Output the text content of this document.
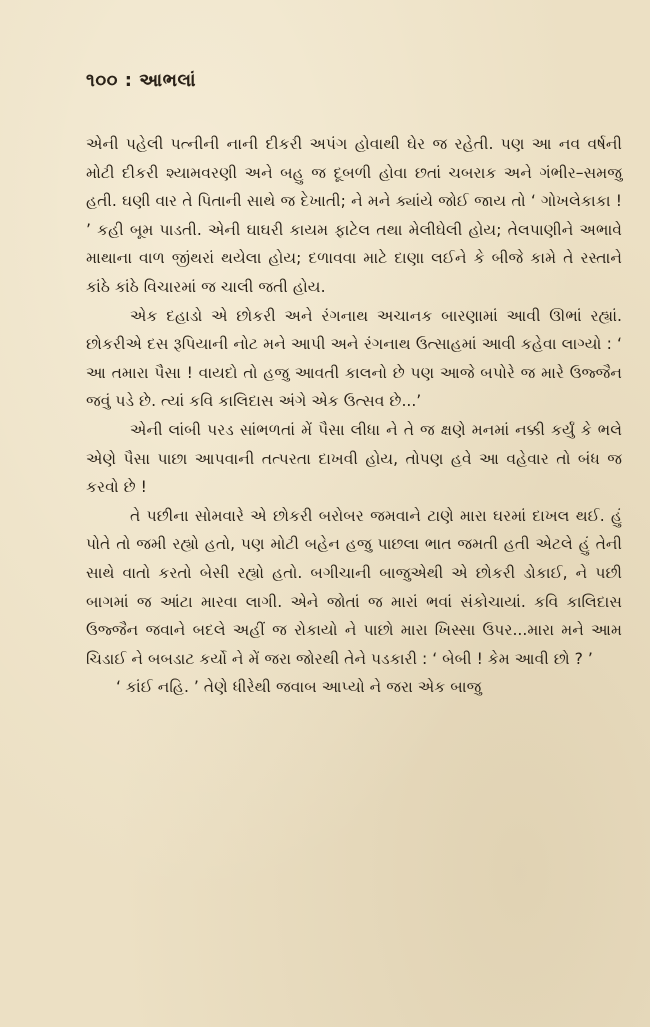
૧૦૦ : આભલાં

એની પહેલી પત્નીની નાની દીકરી અપંગ હોવાથી ઘેર જ રહેતી. પણ આ નવ વર્ષની મોટી દીકરી શ્યામવરણી અને બહુ જ દૂબળી હોવા છતાં ચબરાક અને ગંભીર–સમજુ હતી. ઘણી વાર તે પિતાની સાથે જ દેખાતી; ને મને ક્યાંયે જોઈ જાય તો ‘ ગોખલેકાકા ! ’ કહી બૂમ પાડતી. એની ઘાઘરી કાયમ ફાટેલ તથા મેલીઘેલી હોય; તેલપાણીને અભાવે માથાના વાળ જીંથરાં થયેલા હોય; દળાવવા માટે દાણા લઈને કે બીજે કામે તે રસ્તાને કાંઠે કાંઠે વિચારમાં જ ચાલી જતી હોય.

એક દહાડો એ છોકરી અને રંગનાથ અચાનક બારણામાં આવી ઊભાં રહ્યાં. છોકરીએ દસ રૂપિયાની નોટ મને આપી અને રંગનાથ ઉત્સાહમાં આવી કહેવા લાગ્યો : ‘ આ તમારા પૈસા ! વાયદો તો હજુ આવતી કાલનો છે પણ આજે બપોરે જ મારે ઉજ્જૈન જવું પડે છે. ત્યાં કવિ કાલિદાસ અંગે એક ઉત્સવ છે...’

એની લાંબી પરડ સાંભળતાં મેં પૈસા લીધા ને તે જ ક્ષણે મનમાં નક્કી કર્યું કે ભલે એણે પૈસા પાછા આપવાની તત્પરતા દાખવી હોય, તોપણ હવે આ વહેવાર તો બંધ જ કરવો છે !

તે પછીના સોમવારે એ છોકરી બરોબર જમવાને ટાણે મારા ઘરમાં દાખલ થઈ. હું પોતે તો જમી રહ્યો હતો, પણ મોટી બહેન હજુ પાછલા ભાત જમતી હતી એટલે હું તેની સાથે વાતો કરતો બેસી રહ્યો હતો. બગીચાની બાજુએથી એ છોકરી ડોકાઈ, ને પછી બાગમાં જ આંટા મારવા લાગી. એને જોતાં જ મારાં ભવાં સંકોચાયાં. કવિ કાલિદાસ ઉજ્જૈન જવાને બદલે અહીં જ રોકાયો ને પાછો મારા ખિસ્સા ઉપર...મારા મને આમ ચિડાઈ ને બબડાટ કર્યો ને મેં જરા જોરથી તેને પડકારી : ‘ બેબી ! કેમ આવી છો ? ’

‘ કાંઈ નહિ. ’ તેણે ધીરેથી જવાબ આપ્યો ને જરા એક બાજુ
